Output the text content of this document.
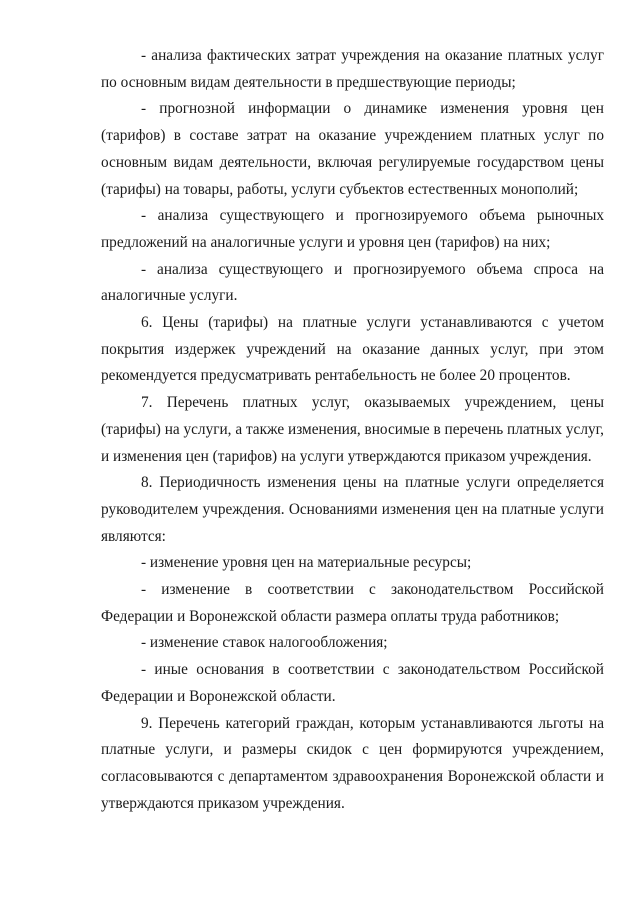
- анализа фактических затрат учреждения на оказание платных услуг по основным видам деятельности в предшествующие периоды;

- прогнозной информации о динамике изменения уровня цен (тарифов) в составе затрат на оказание учреждением платных услуг по основным видам деятельности, включая регулируемые государством цены (тарифы) на товары, работы, услуги субъектов естественных монополий;

- анализа существующего и прогнозируемого объема рыночных предложений на аналогичные услуги и уровня цен (тарифов) на них;

- анализа существующего и прогнозируемого объема спроса на аналогичные услуги.

6. Цены (тарифы) на платные услуги устанавливаются с учетом покрытия издержек учреждений на оказание данных услуг, при этом рекомендуется предусматривать рентабельность не более 20 процентов.

7. Перечень платных услуг, оказываемых учреждением, цены (тарифы) на услуги, а также изменения, вносимые в перечень платных услуг, и изменения цен (тарифов) на услуги утверждаются приказом учреждения.

8. Периодичность изменения цены на платные услуги определяется руководителем учреждения. Основаниями изменения цен на платные услуги являются:

- изменение уровня цен на материальные ресурсы;

- изменение в соответствии с законодательством Российской Федерации и Воронежской области размера оплаты труда работников;

- изменение ставок налогообложения;

- иные основания в соответствии с законодательством Российской Федерации и Воронежской области.

9. Перечень категорий граждан, которым устанавливаются льготы на платные услуги, и размеры скидок с цен формируются учреждением, согласовываются с департаментом здравоохранения Воронежской области и утверждаются приказом учреждения.
